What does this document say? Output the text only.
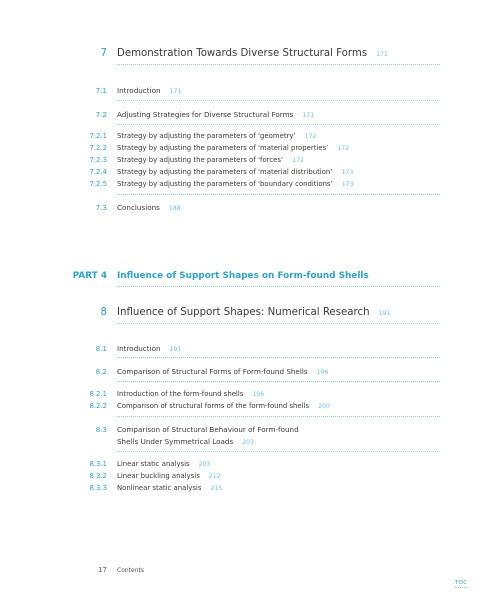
7 Demonstration Towards Diverse Structural Forms 171
7.1 Introduction 171
7.2 Adjusting Strategies for Diverse Structural Forms 171
7.2.1 Strategy by adjusting the parameters of ‘geometry’ 172
7.2.2 Strategy by adjusting the parameters of ‘material properties’ 172
7.2.3 Strategy by adjusting the parameters of ‘forces’ 172
7.2.4 Strategy by adjusting the parameters of ‘material distribution’ 173
7.2.5 Strategy by adjusting the parameters of ‘boundary conditions’ 173
7.3 Conclusions 188
PART 4 Influence of Support Shapes on Form-found Shells
8 Influence of Support Shapes: Numerical Research 191
8.1 Introduction 191
8.2 Comparison of Structural Forms of Form-found Shells 196
8.2.1 Introduction of the form-found shells 196
8.2.2 Comparison of structural forms of the form-found shells 200
8.3 Comparison of Structural Behaviour of Form-found
Shells Under Symmetrical Loads 203
8.3.1 Linear static analysis 203
8.3.2 Linear buckling analysis 212
8.3.3 Nonlinear static analysis 215
17 Contents
TOC
